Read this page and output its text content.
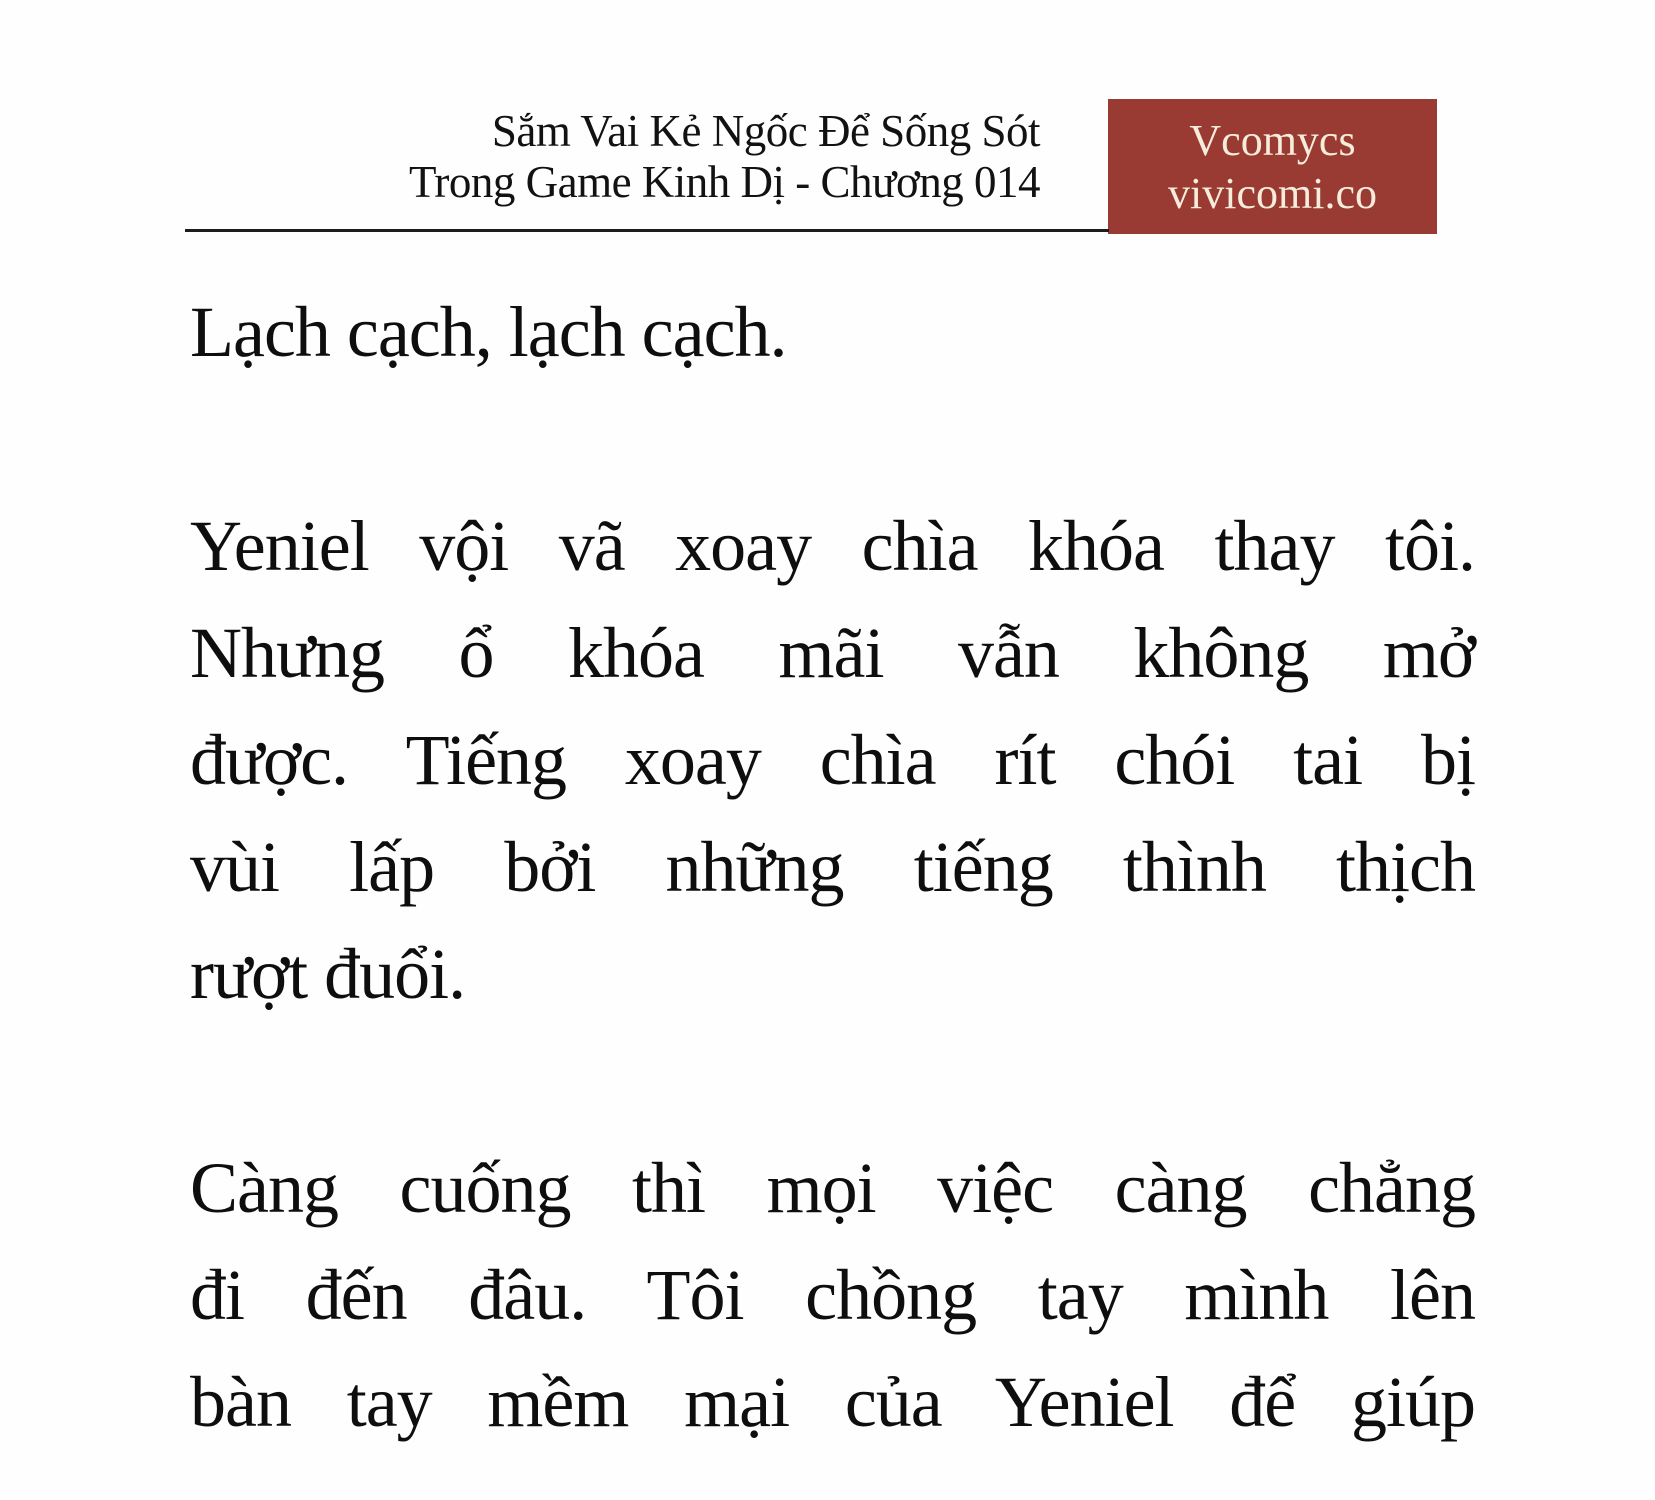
Sắm Vai Kẻ Ngốc Để Sống Sót
Trong Game Kinh Dị - Chương 014
Vcomycs
vivicomi.co
Lạch cạch, lạch cạch.
Yeniel vội vã xoay chìa khóa thay tôi.
Nhưng ổ khóa mãi vẫn không mở
được. Tiếng xoay chìa rít chói tai bị
vùi lấp bởi những tiếng thình thịch
rượt đuổi.
Càng cuống thì mọi việc càng chẳng
đi đến đâu. Tôi chồng tay mình lên
bàn tay mềm mại của Yeniel để giúp
